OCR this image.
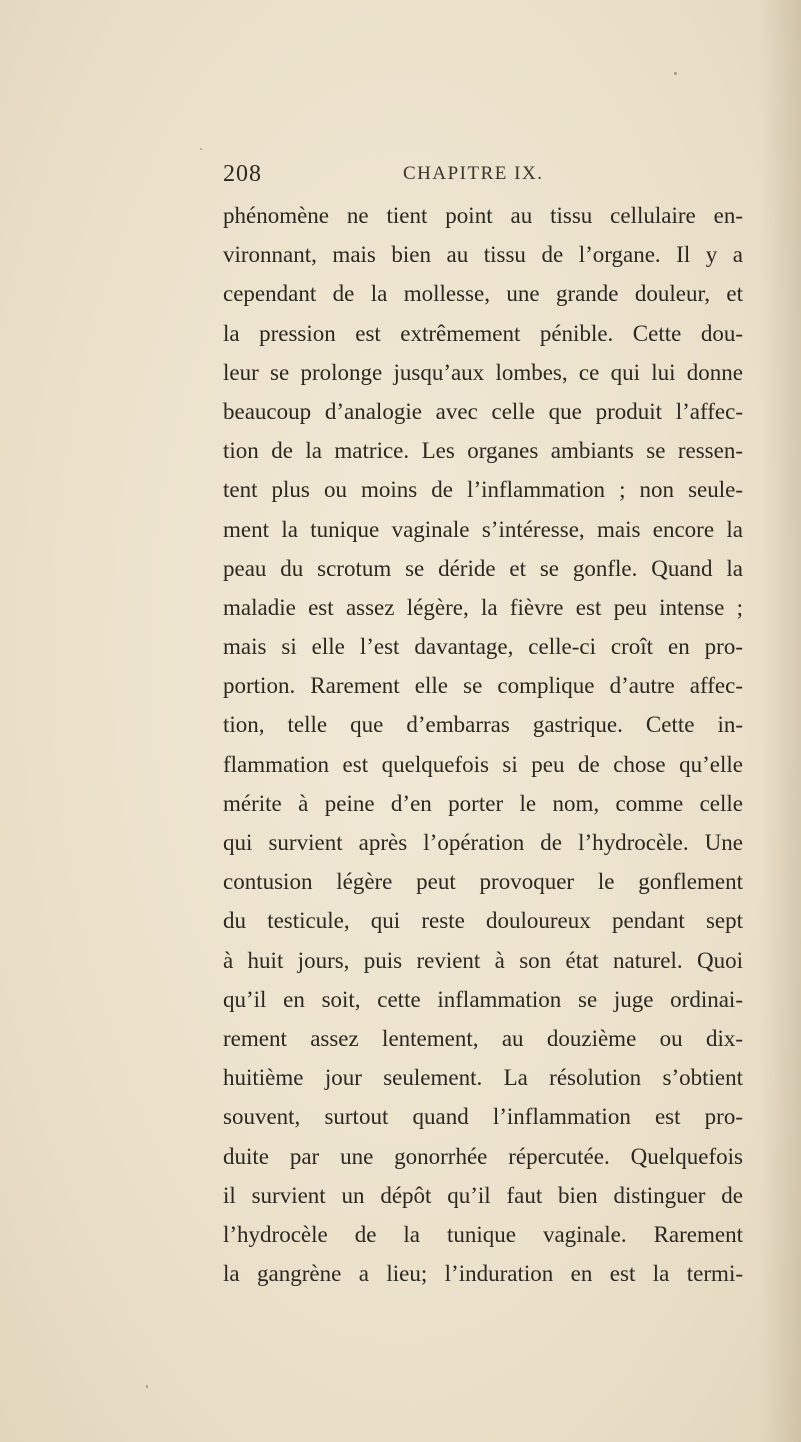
208	CHAPITRE IX.
phénomène ne tient point au tissu cellulaire en-
vironnant, mais bien au tissu de l’organe. Il y a
cependant de la mollesse, une grande douleur, et
la pression est extrêmement pénible. Cette dou-
leur se prolonge jusqu’aux lombes, ce qui lui donne
beaucoup d’analogie avec celle que produit l’affec-
tion de la matrice. Les organes ambiants se ressen-
tent plus ou moins de l’inflammation ; non seule-
ment la tunique vaginale s’intéresse, mais encore la
peau du scrotum se déride et se gonfle. Quand la
maladie est assez légère, la fièvre est peu intense ;
mais si elle l’est davantage, celle-ci croît en pro-
portion. Rarement elle se complique d’autre affec-
tion, telle que d’embarras gastrique. Cette in-
flammation est quelquefois si peu de chose qu’elle
mérite à peine d’en porter le nom, comme celle
qui survient après l’opération de l’hydrocèle. Une
contusion légère peut provoquer le gonflement
du testicule, qui reste douloureux pendant sept
à huit jours, puis revient à son état naturel. Quoi
qu’il en soit, cette inflammation se juge ordinai-
rement assez lentement, au douzième ou dix-
huitième jour seulement. La résolution s’obtient
souvent, surtout quand l’inflammation est pro-
duite par une gonorrhée répercutée. Quelquefois
il survient un dépôt qu’il faut bien distinguer de
l’hydrocèle de la tunique vaginale. Rarement
la gangrène a lieu; l’induration en est la termi-
